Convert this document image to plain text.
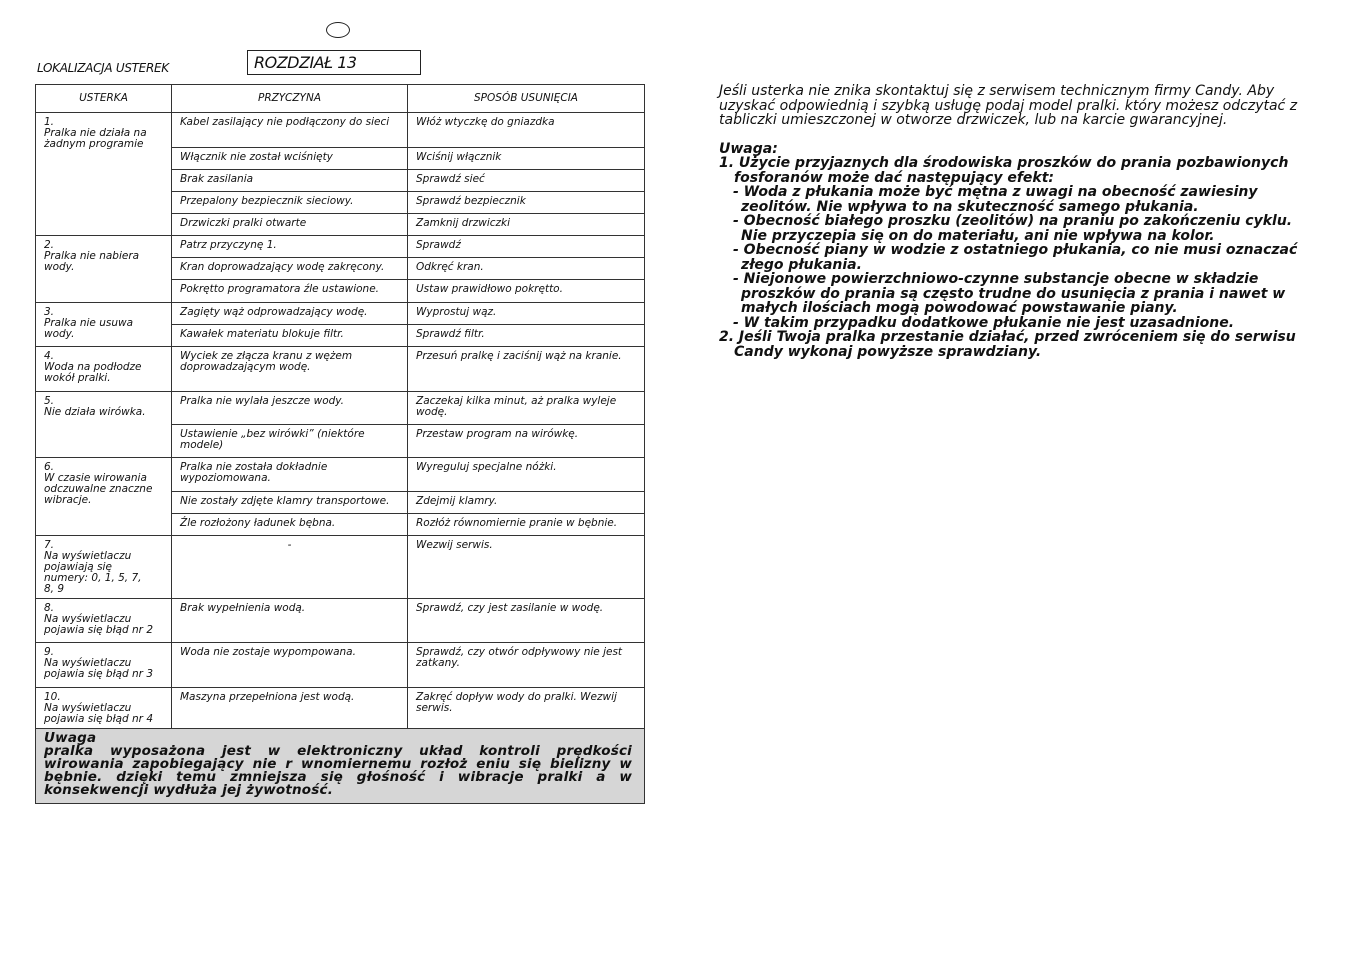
LOKALIZACJA USTEREK	ROZDZIAŁ 13
USTERKA	PRZYCZYNA	SPOSÓB USUNIĘCIA
1.Pralka nie działa na żadnym programie	Kabel zasilający nie podłączony do sieci	Włóż wtyczkę do gniazdka
	Włącznik nie został wciśnięty	Wciśnij włącznik
	Brak zasilania	Sprawdź sieć
	Przepalony bezpiecznik sieciowy.	Sprawdź bezpiecznik
	Drzwiczki pralki otwarte	Zamknij drzwiczki
2.Pralka nie nabiera wody.	Patrz przyczynę 1.	Sprawdź
	Kran doprowadzający wodę zakręcony.	Odkręć kran.
	Pokrętto programatora źle ustawione.	Ustaw prawidłowo pokrętto.
3.Pralka nie usuwa wody.	Zagięty wąż odprowadzający wodę.	Wyprostuj wąz.
	Kawałek materiatu blokuje filtr.	Sprawdź filtr.
4.Woda na podłodze wokół pralki.	Wyciek ze złącza kranu z wężem doprowadzającym wodę.	Przesuń pralkę i zaciśnij wąż na kranie.
5.Nie działa wirówka.	Pralka nie wylała jeszcze wody.	Zaczekaj kilka minut, aż pralka wyleje wodę.
	Ustawienie „bez wirówki” (niektóre modele)	Przestaw program na wirówkę.
6.W czasie wirowania odczuwalne znaczne wibracje.	Pralka nie została dokładnie wypoziomowana.	Wyreguluj specjalne nóżki.
	Nie zostały zdjęte klamry transportowe.	Zdejmij klamry.
	Źle rozłożony ładunek bębna.	Rozłóż równomiernie pranie w bębnie.
7.Na wyświetlaczu pojawiają się numery: 0, 1, 5, 7, 8, 9	-	Wezwij serwis.
8.Na wyświetlaczu pojawia się błąd nr 2	Brak wypełnienia wodą.	Sprawdź, czy jest zasilanie w wodę.
9.Na wyświetlaczu pojawia się błąd nr 3	Woda nie zostaje wypompowana.	Sprawdź, czy otwór odpływowy nie jest zatkany.
10.Na wyświetlaczu pojawia się błąd nr 4	Maszyna przepełniona jest wodą.	Zakręć dopływ wody do pralki. Wezwij serwis.

Uwaga
pralka wyposażona jest w elektroniczny układ kontroli prędkości wirowania zapobiegający nie r wnomiernemu rozłoż eniu się bielizny w bębnie. dzięki temu zmniejsza się głośność i wibracje pralki a w konsekwencji wydłuża jej żywotność.		

Jeśli usterka nie znika skontaktuj się z serwisem technicznym firmy Candy. Aby uzyskać odpowiednią i szybką usługę podaj model pralki. który możesz odczytać z tabliczki umieszczonej w otworze drzwiczek, lub na karcie gwarancyjnej.

Uwaga:

1. Użycie przyjaznych dla środowiska proszków do prania pozbawionych fosforanów może dać następujący efekt:

- Woda z płukania może być mętna z uwagi na obecność zawiesiny zeolitów. Nie wpływa to na skuteczność samego płukania.

- Obecność białego proszku (zeolitów) na praniu po zakończeniu cyklu. Nie przyczepia się on do materiału, ani nie wpływa na kolor.

- Obecność piany w wodzie z ostatniego płukania, co nie musi oznaczać złego płukania.

- Niejonowe powierzchniowo-czynne substancje obecne w składzie proszków do prania są często trudne do usunięcia z prania i nawet w małych ilościach mogą powodować powstawanie piany.

- W takim przypadku dodatkowe płukanie nie jest uzasadnione.

2. Jeśli Twoja pralka przestanie działać, przed zwróceniem się do serwisu Candy wykonaj powyższe sprawdziany.
